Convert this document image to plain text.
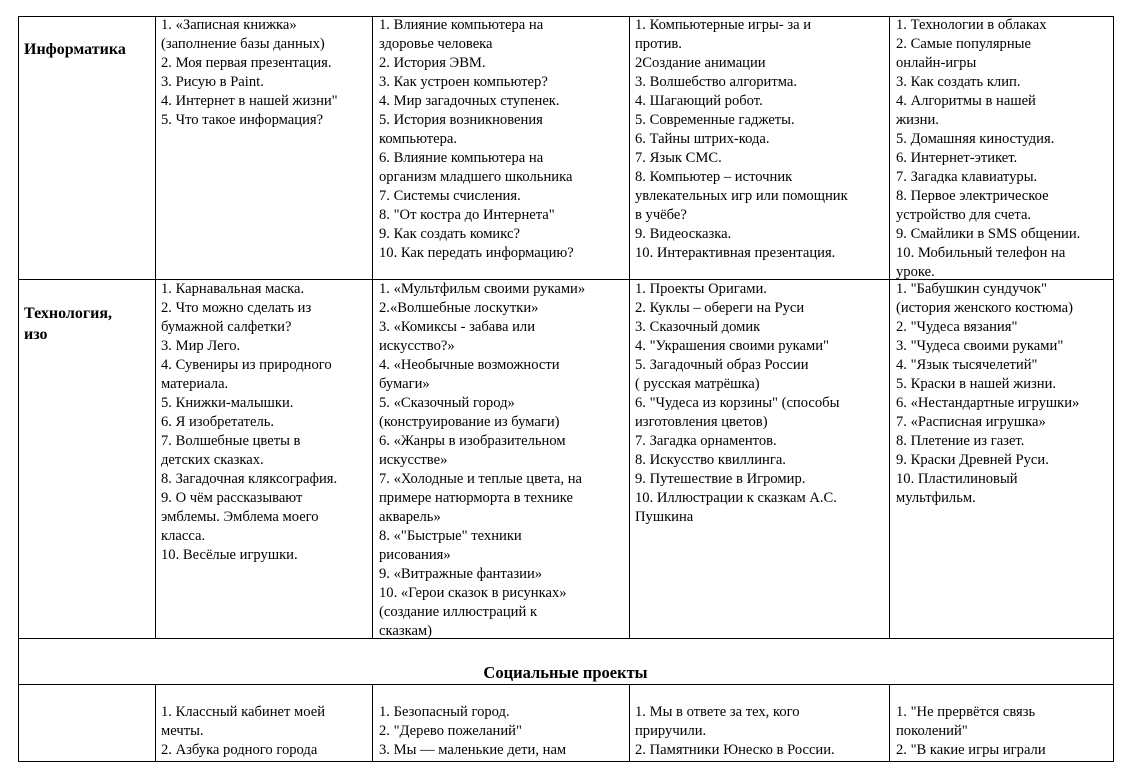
Информатика
1. «Записная книжка»
(заполнение базы данных)
2. Моя первая презентация.
3. Рисую в Paint.
4. Интернет в нашей жизни"
5. Что такое информация?
1. Влияние компьютера на
здоровье человека
2. История ЭВМ.
3. Как устроен компьютер?
4. Мир загадочных ступенек.
5. История возникновения
компьютера.
6. Влияние компьютера на
организм младшего школьника
7. Системы счисления.
8. "От костра до Интернета"
9. Как создать комикс?
10. Как передать информацию?
1. Компьютерные игры- за и
против.
2Создание анимации
3. Волшебство алгоритма.
4. Шагающий робот.
5. Современные гаджеты.
6. Тайны штрих-кода.
7. Язык СМС.
8. Компьютер – источник
увлекательных игр или помощник
в учёбе?
9. Видеосказка.
10. Интерактивная презентация.
1. Технологии в облаках
2. Самые популярные
онлайн-игры
3. Как создать клип.
4. Алгоритмы в нашей
жизни.
5. Домашняя киностудия.
6. Интернет-этикет.
7. Загадка клавиатуры.
8. Первое электрическое
устройство для счета.
9. Смайлики в SMS общении.
10. Мобильный телефон на
уроке.
Технология,
изо
1. Карнавальная маска.
2. Что можно сделать из
бумажной салфетки?
3. Мир Лего.
4. Сувениры из природного
материала.
5. Книжки-малышки.
6. Я изобретатель.
7. Волшебные цветы в
детских сказках.
8. Загадочная кляксография.
9. О чём рассказывают
эмблемы. Эмблема моего
класса.
10. Весёлые игрушки.
1. «Мультфильм своими руками»
2.«Волшебные лоскутки»
3. «Комиксы - забава или
искусство?»
4. «Необычные возможности
бумаги»
5. «Сказочный город»
(конструирование из бумаги)
6. «Жанры в изобразительном
искусстве»
7. «Холодные и теплые цвета, на
примере натюрморта в технике
акварель»
8. «"Быстрые" техники
рисования»
9. «Витражные фантазии»
10. «Герои сказок в рисунках»
(создание иллюстраций к
сказкам)
1. Проекты Оригами.
2. Куклы – обереги на Руси
3. Сказочный домик
4. "Украшения своими руками"
5. Загадочный образ России
( русская матрёшка)
6. "Чудеса из корзины" (способы
изготовления цветов)
7. Загадка орнаментов.
8. Искусство квиллинга.
9. Путешествие в Игромир.
10. Иллюстрации к сказкам А.С.
Пушкина
1. "Бабушкин сундучок"
(история женского костюма)
2. "Чудеса вязания"
3. "Чудеса своими руками"
4. "Язык тысячелетий"
5. Краски в нашей жизни.
6. «Нестандартные игрушки»
7. «Расписная игрушка»
8. Плетение из газет.
9. Краски Древней Руси.
10. Пластилиновый
мультфильм.
Социальные проекты
1. Классный кабинет моей
мечты.
2. Азбука родного города
1. Безопасный город.
2. "Дерево пожеланий"
3. Мы — маленькие дети, нам
1. Мы в ответе за тех, кого
приручили.
2. Памятники Юнеско в России.
1. "Не прервётся связь
поколений"
2. "В какие игры играли
